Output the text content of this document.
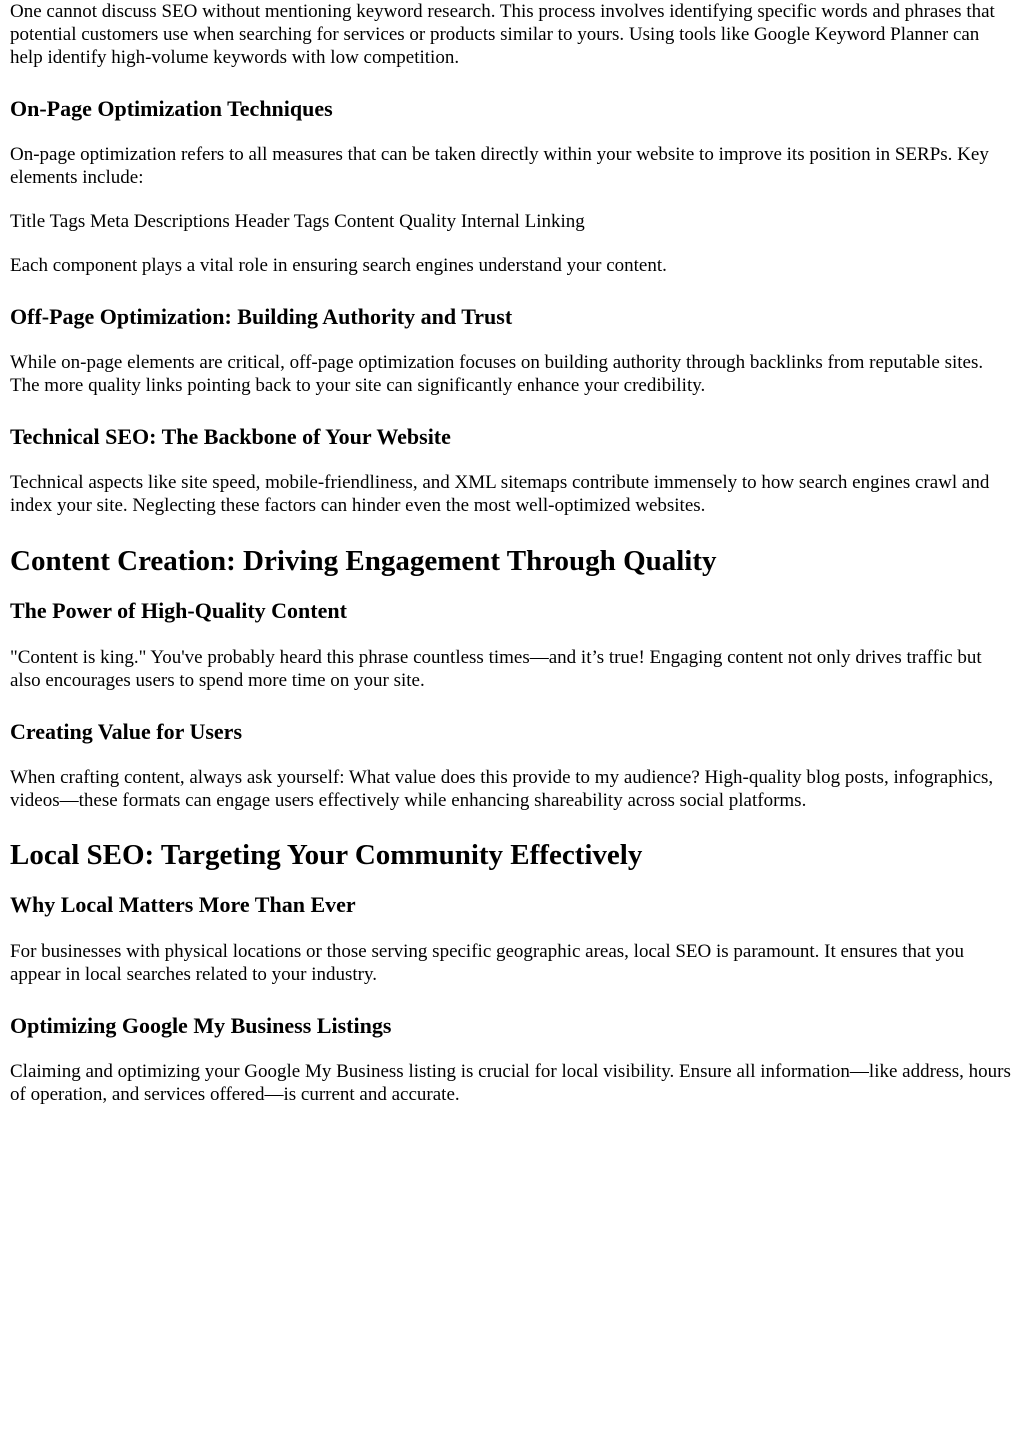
One cannot discuss SEO without mentioning keyword research. This process involves identifying specific words and phrases that potential customers use when searching for services or products similar to yours. Using tools like Google Keyword Planner can help identify high-volume keywords with low competition.

On-Page Optimization Techniques

On-page optimization refers to all measures that can be taken directly within your website to improve its position in SERPs. Key elements include:

Title Tags Meta Descriptions Header Tags Content Quality Internal Linking

Each component plays a vital role in ensuring search engines understand your content.

Off-Page Optimization: Building Authority and Trust

While on-page elements are critical, off-page optimization focuses on building authority through backlinks from reputable sites. The more quality links pointing back to your site can significantly enhance your credibility.

Technical SEO: The Backbone of Your Website

Technical aspects like site speed, mobile-friendliness, and XML sitemaps contribute immensely to how search engines crawl and index your site. Neglecting these factors can hinder even the most well-optimized websites.

Content Creation: Driving Engagement Through Quality
The Power of High-Quality Content

"Content is king." You've probably heard this phrase countless times—and it’s true! Engaging content not only drives traffic but also encourages users to spend more time on your site.

Creating Value for Users

When crafting content, always ask yourself: What value does this provide to my audience? High-quality blog posts, infographics, videos—these formats can engage users effectively while enhancing shareability across social platforms.

Local SEO: Targeting Your Community Effectively
Why Local Matters More Than Ever

For businesses with physical locations or those serving specific geographic areas, local SEO is paramount. It ensures that you appear in local searches related to your industry.

Optimizing Google My Business Listings

Claiming and optimizing your Google My Business listing is crucial for local visibility. Ensure all information—like address, hours of operation, and services offered—is current and accurate.
